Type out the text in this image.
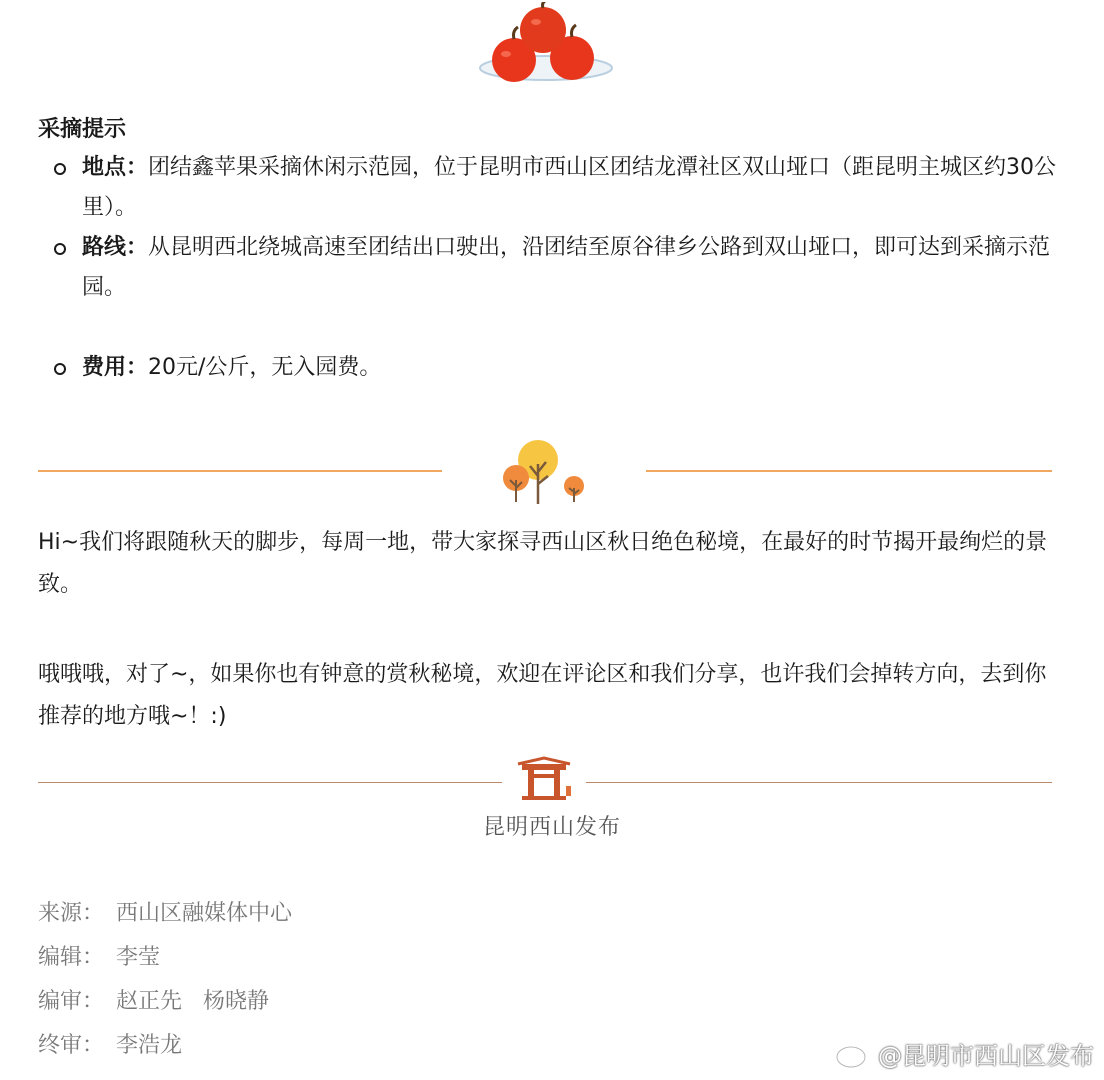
采摘提示
地点：团结鑫苹果采摘休闲示范园，位于昆明市西山区团结龙潭社区双山垭口（距昆明主城区约30公里）。
路线：从昆明西北绕城高速至团结出口驶出，沿团结至原谷律乡公路到双山垭口，即可达到采摘示范园。
费用：20元/公斤，无入园费。

Hi~我们将跟随秋天的脚步，每周一地，带大家探寻西山区秋日绝色秘境，在最好的时节揭开最绚烂的景致。

哦哦哦，对了~，如果你也有钟意的赏秋秘境，欢迎在评论区和我们分享，也许我们会掉转方向，去到你推荐的地方哦~！:)

昆明西山发布
来源： 西山区融媒体中心
编辑： 李莹
编审： 赵正先   杨晓静
终审： 李浩龙	@昆明市西山区发布
